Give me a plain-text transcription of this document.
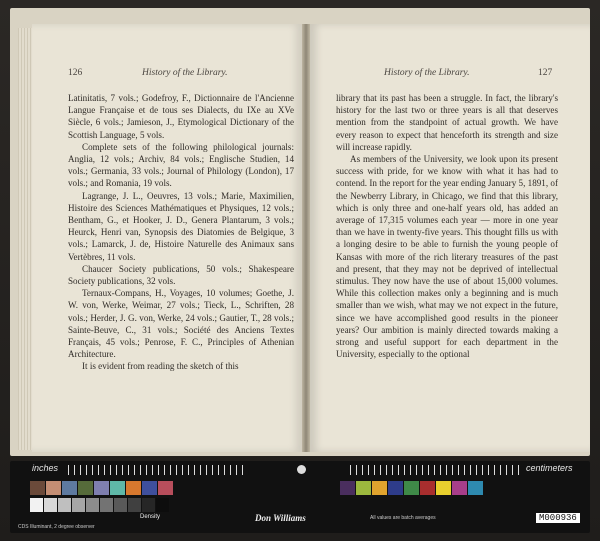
126	History of the Library.

Latinitatis, 7 vols.; Godefroy, F., Dictionnaire de l'Ancienne Langue Française et de tous ses Dialects, du IXe au XVe Siècle, 6 vols.; Jamieson, J., Etymological Dictionary of the Scottish Language, 5 vols.

Complete sets of the following philological journals: Anglia, 12 vols.; Archiv, 84 vols.; Englische Studien, 14 vols.; Germania, 33 vols.; Journal of Philology (London), 17 vols.; and Romania, 19 vols.

Lagrange, J. L., Oeuvres, 13 vols.; Marie, Maximilien, Histoire des Sciences Mathématiques et Physiques, 12 vols.; Bentham, G., et Hooker, J. D., Genera Plantarum, 3 vols.; Heurck, Henri van, Synopsis des Diatomies de Belgique, 3 vols.; Lamarck, J. de, Histoire Naturelle des Animaux sans Vertèbres, 11 vols.

Chaucer Society publications, 50 vols.; Shakespeare Society publications, 32 vols.

Ternaux-Compans, H., Voyages, 10 volumes; Goethe, J. W. von, Werke, Weimar, 27 vols.; Tieck, L., Schriften, 28 vols.; Herder, J. G. von, Werke, 24 vols.; Gautier, T., 28 vols.; Sainte-Beuve, C., 31 vols.; Société des Anciens Textes Français, 45 vols.; Penrose, F. C., Principles of Athenian Architecture.

It is evident from reading the sketch of this

History of the Library.	127

library that its past has been a struggle. In fact, the library's history for the last two or three years is all that deserves mention from the standpoint of actual growth. We have every reason to expect that henceforth its strength and size will increase rapidly.

As members of the University, we look upon its present success with pride, for we know with what it has had to contend. In the report for the year ending January 5, 1891, of the Newberry Library, in Chicago, we find that this library, which is only three and one-half years old, has added an average of 17,315 volumes each year — more in one year than we have in twenty-five years. This thought fills us with a longing desire to be able to furnish the young people of Kansas with more of the rich literary treasures of the past and present, that they may not be deprived of intellectual stimulus. They now have the use of about 15,000 volumes. While this collection makes only a beginning and is much smaller than we wish, what may we not expect in the future, since we have accomplished good results in the pioneer years? Our ambition is mainly directed towards making a strong and useful support for each department in the University, especially to the optional

inches	centimeters
Density
CDS Illuminant, 2 degree observer
All values are batch averages
Don Williams	M000936
